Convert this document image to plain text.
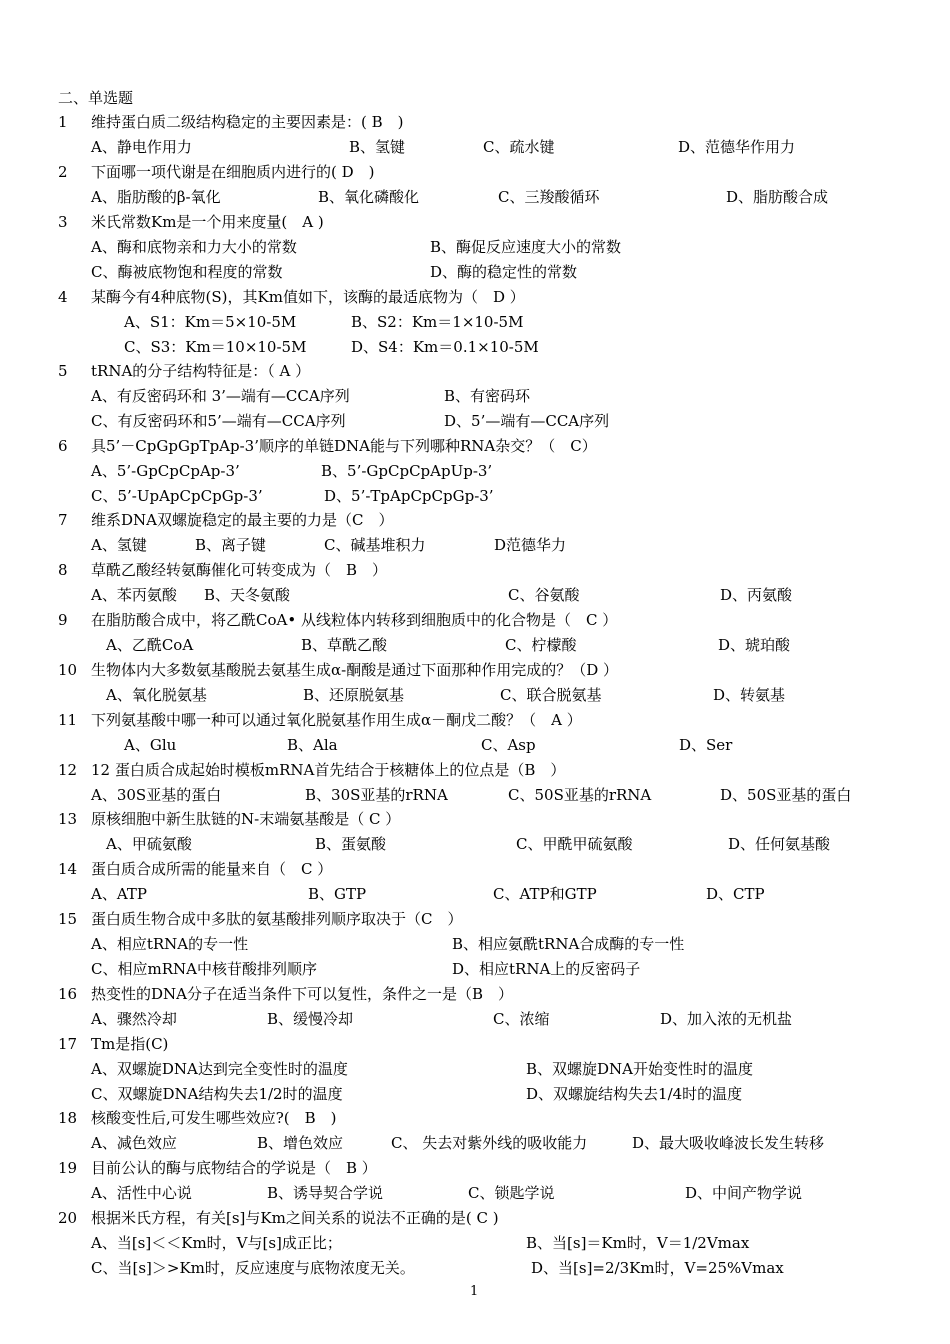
二、单选题
1 维持蛋白质二级结构稳定的主要因素是：( B　)
A、静电作用力	B、氢键	C、疏水键	D、范德华作用力
2 下面哪一项代谢是在细胞质内进行的( D　)
A、脂肪酸的β-氧化	B、氧化磷酸化	C、三羧酸循环	D、脂肪酸合成
3 米氏常数Km是一个用来度量(　A )
A、酶和底物亲和力大小的常数	B、酶促反应速度大小的常数
C、酶被底物饱和程度的常数	D、酶的稳定性的常数
4 某酶今有4种底物(S)，其Km值如下，该酶的最适底物为（　D ）
A、S1：Km＝5×10-5M	B、S2：Km＝1×10-5M
C、S3：Km＝10×10-5M	D、S4：Km＝0.1×10-5M
5 tRNA的分子结构特征是：（ A ）
A、有反密码环和 3’—端有—CCA序列	B、有密码环
C、有反密码环和5’—端有—CCA序列	D、5’—端有—CCA序列
6 具5’－CpGpGpTpAp-3’顺序的单链DNA能与下列哪种RNA杂交？（　C）
A、5’-GpCpCpAp-3’	B、5’-GpCpCpApUp-3’
C、5’-UpApCpCpGp-3’	D、5’-TpApCpCpGp-3’
7 维系DNA双螺旋稳定的最主要的力是（C　）
A、氢键	B、离子键	C、碱基堆积力	D范德华力
8 草酰乙酸经转氨酶催化可转变成为（　B　）
A、苯丙氨酸 B、天冬氨酸	C、谷氨酸	D、丙氨酸
9 在脂肪酸合成中，将乙酰CoA• 从线粒体内转移到细胞质中的化合物是（　C ）
A、乙酰CoA	B、草酰乙酸	C、柠檬酸	D、琥珀酸
10 生物体内大多数氨基酸脱去氨基生成α-酮酸是通过下面那种作用完成的？（D ）
A、氧化脱氨基	B、还原脱氨基	C、联合脱氨基	D、转氨基
11 下列氨基酸中哪一种可以通过氧化脱氨基作用生成α－酮戊二酸？（　A ）
A、Glu	B、Ala	C、Asp	D、Ser
12 12 蛋白质合成起始时模板mRNA首先结合于核糖体上的位点是（B　）
A、30S亚基的蛋白	B、30S亚基的rRNA	C、50S亚基的rRNA	D、50S亚基的蛋白
13 原核细胞中新生肽链的N-末端氨基酸是（ C ）
A、甲硫氨酸	B、蛋氨酸	C、甲酰甲硫氨酸	D、任何氨基酸
14 蛋白质合成所需的能量来自（　C ）
A、ATP	B、GTP	C、ATP和GTP	D、CTP
15 蛋白质生物合成中多肽的氨基酸排列顺序取决于（C　）
A、相应tRNA的专一性	B、相应氨酰tRNA合成酶的专一性
C、相应mRNA中核苷酸排列顺序	D、相应tRNA上的反密码子
16 热变性的DNA分子在适当条件下可以复性，条件之一是（B　）
A、骤然冷却	B、缓慢冷却	C、浓缩	D、加入浓的无机盐
17 Tm是指(C)
A、双螺旋DNA达到完全变性时的温度	B、双螺旋DNA开始变性时的温度
C、双螺旋DNA结构失去1/2时的温度	D、双螺旋结构失去1/4时的温度
18 核酸变性后,可发生哪些效应?(　B　)
A、减色效应	B、增色效应	C、 失去对紫外线的吸收能力	D、最大吸收峰波长发生转移
19 目前公认的酶与底物结合的学说是（　B ）
A、活性中心说	B、诱导契合学说	C、锁匙学说	D、中间产物学说
20 根据米氏方程，有关[s]与Km之间关系的说法不正确的是( C )
A、当[s]＜＜Km时，V与[s]成正比；	B、当[s]＝Km时，V＝1/2Vmax
C、当[s]＞>Km时，反应速度与底物浓度无关。	D、当[s]=2/3Km时，V=25%Vmax
1
